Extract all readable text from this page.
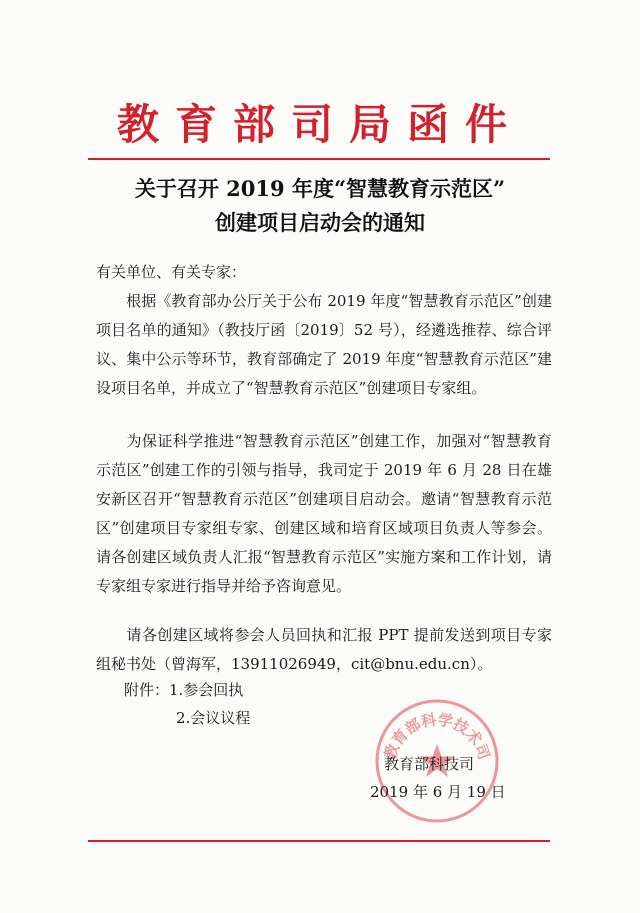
教育部司局函件
关于召开 2019 年度“智慧教育示范区”
创建项目启动会的通知
有关单位、有关专家：
根据《教育部办公厅关于公布 2019 年度“智慧教育示范区”创建项目名单的通知》（教技厅函〔2019〕52 号），经遴选推荐、综合评议、集中公示等环节，教育部确定了 2019 年度“智慧教育示范区”建设项目名单，并成立了“智慧教育示范区”创建项目专家组。
为保证科学推进“智慧教育示范区”创建工作，加强对“智慧教育示范区”创建工作的引领与指导，我司定于 2019 年 6 月 28 日在雄安新区召开“智慧教育示范区”创建项目启动会。邀请“智慧教育示范区”创建项目专家组专家、创建区域和培育区域项目负责人等参会。请各创建区域负责人汇报“智慧教育示范区”实施方案和工作计划，请专家组专家进行指导并给予咨询意见。
请各创建区域将参会人员回执和汇报 PPT 提前发送到项目专家组秘书处（曾海军，13911026949，cit@bnu.edu.cn）。
附件：1.参会回执
2.会议议程
教育部科学技术司
教育部科技司
2019 年 6 月 19 日
